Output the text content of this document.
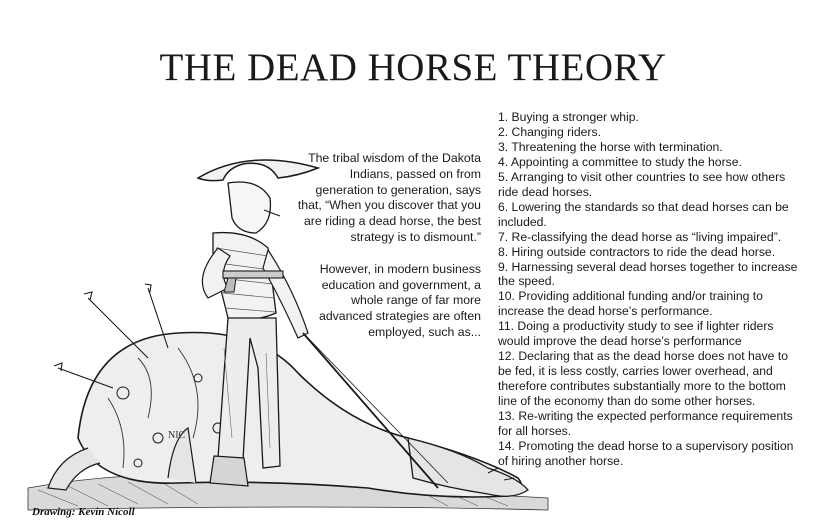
THE DEAD HORSE THEORY
NIC

The tribal wisdom of the Dakota Indians, passed on from generation to generation, says that, “When you discover that you are riding a dead horse, the best strategy is to dismount.”

However, in modern business education and government, a whole range of far more advanced strategies are often employed, such as...

1. Buying a stronger whip.
2. Changing riders.
3. Threatening the horse with termination.
4. Appointing a committee to study the horse.
5. Arranging to visit other countries to see how others ride dead horses.
6. Lowering the standards so that dead horses can be included.
7. Re-classifying the dead horse as “living impaired”.
8. Hiring outside contractors to ride the dead horse.
9. Harnessing several dead horses together to increase the speed.
10. Providing additional funding and/or training to increase the dead horse’s performance.
11. Doing a productivity study to see if lighter riders would improve the dead horse’s performance
12. Declaring that as the dead horse does not have to be fed, it is less costly, carries lower overhead, and therefore contributes substantially more to the bottom line of the economy than do some other horses.
13. Re-writing the expected performance requirements for all horses.
14. Promoting the dead horse to a supervisory position of hiring another horse.
Drawing: Kevin Nicoll
